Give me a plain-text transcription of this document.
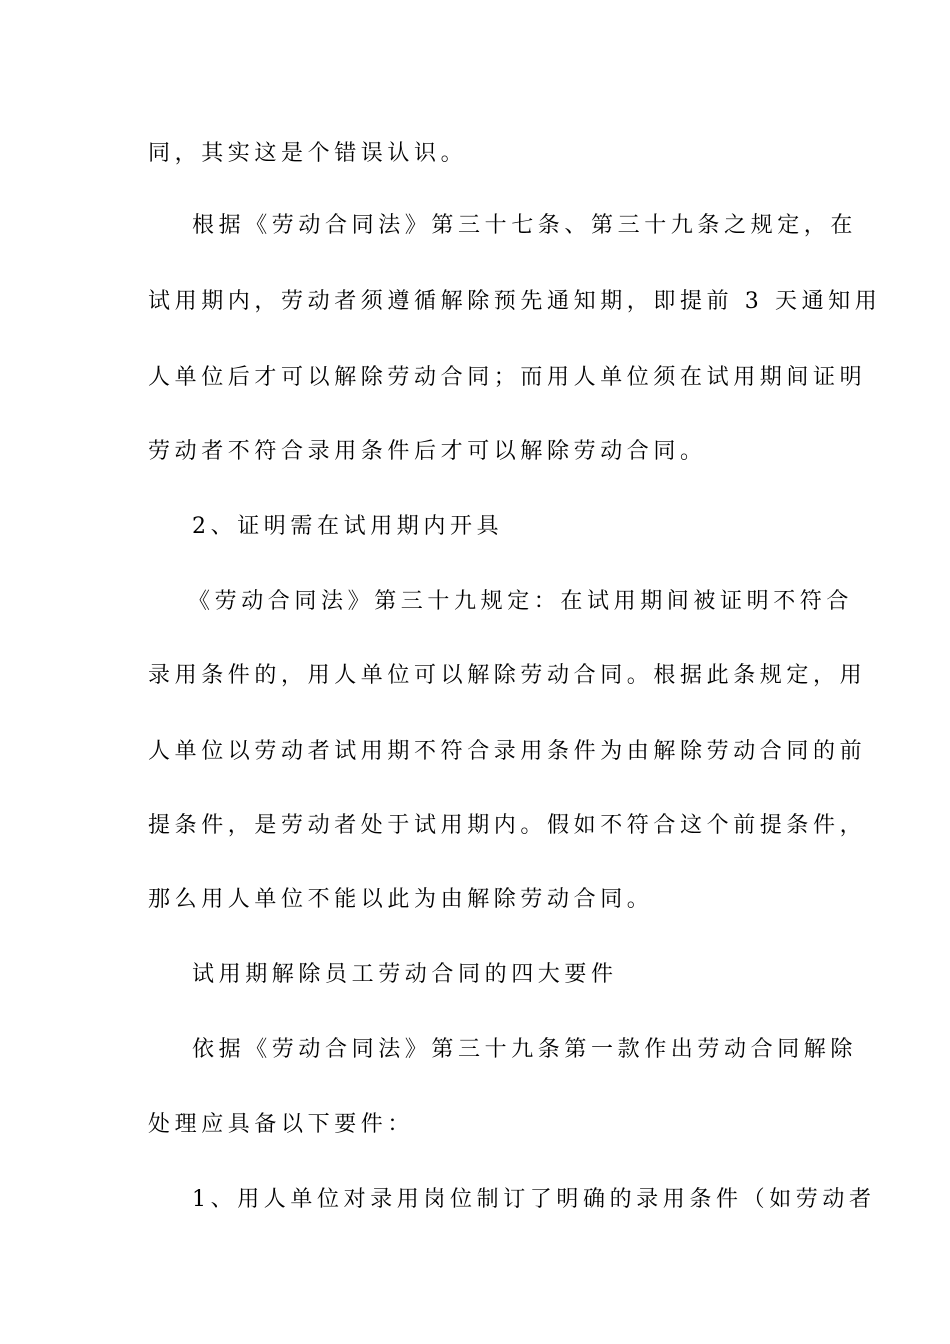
同，其实这是个错误认识。
根据《劳动合同法》第三十七条、第三十九条之规定，在
试用期内，劳动者须遵循解除预先通知期，即提前 3 天通知用
人单位后才可以解除劳动合同；而用人单位须在试用期间证明
劳动者不符合录用条件后才可以解除劳动合同。
2、证明需在试用期内开具
《劳动合同法》第三十九规定：在试用期间被证明不符合
录用条件的，用人单位可以解除劳动合同。根据此条规定，用
人单位以劳动者试用期不符合录用条件为由解除劳动合同的前
提条件，是劳动者处于试用期内。假如不符合这个前提条件，
那么用人单位不能以此为由解除劳动合同。
试用期解除员工劳动合同的四大要件
依据《劳动合同法》第三十九条第一款作出劳动合同解除
处理应具备以下要件：
1、用人单位对录用岗位制订了明确的录用条件（如劳动者
